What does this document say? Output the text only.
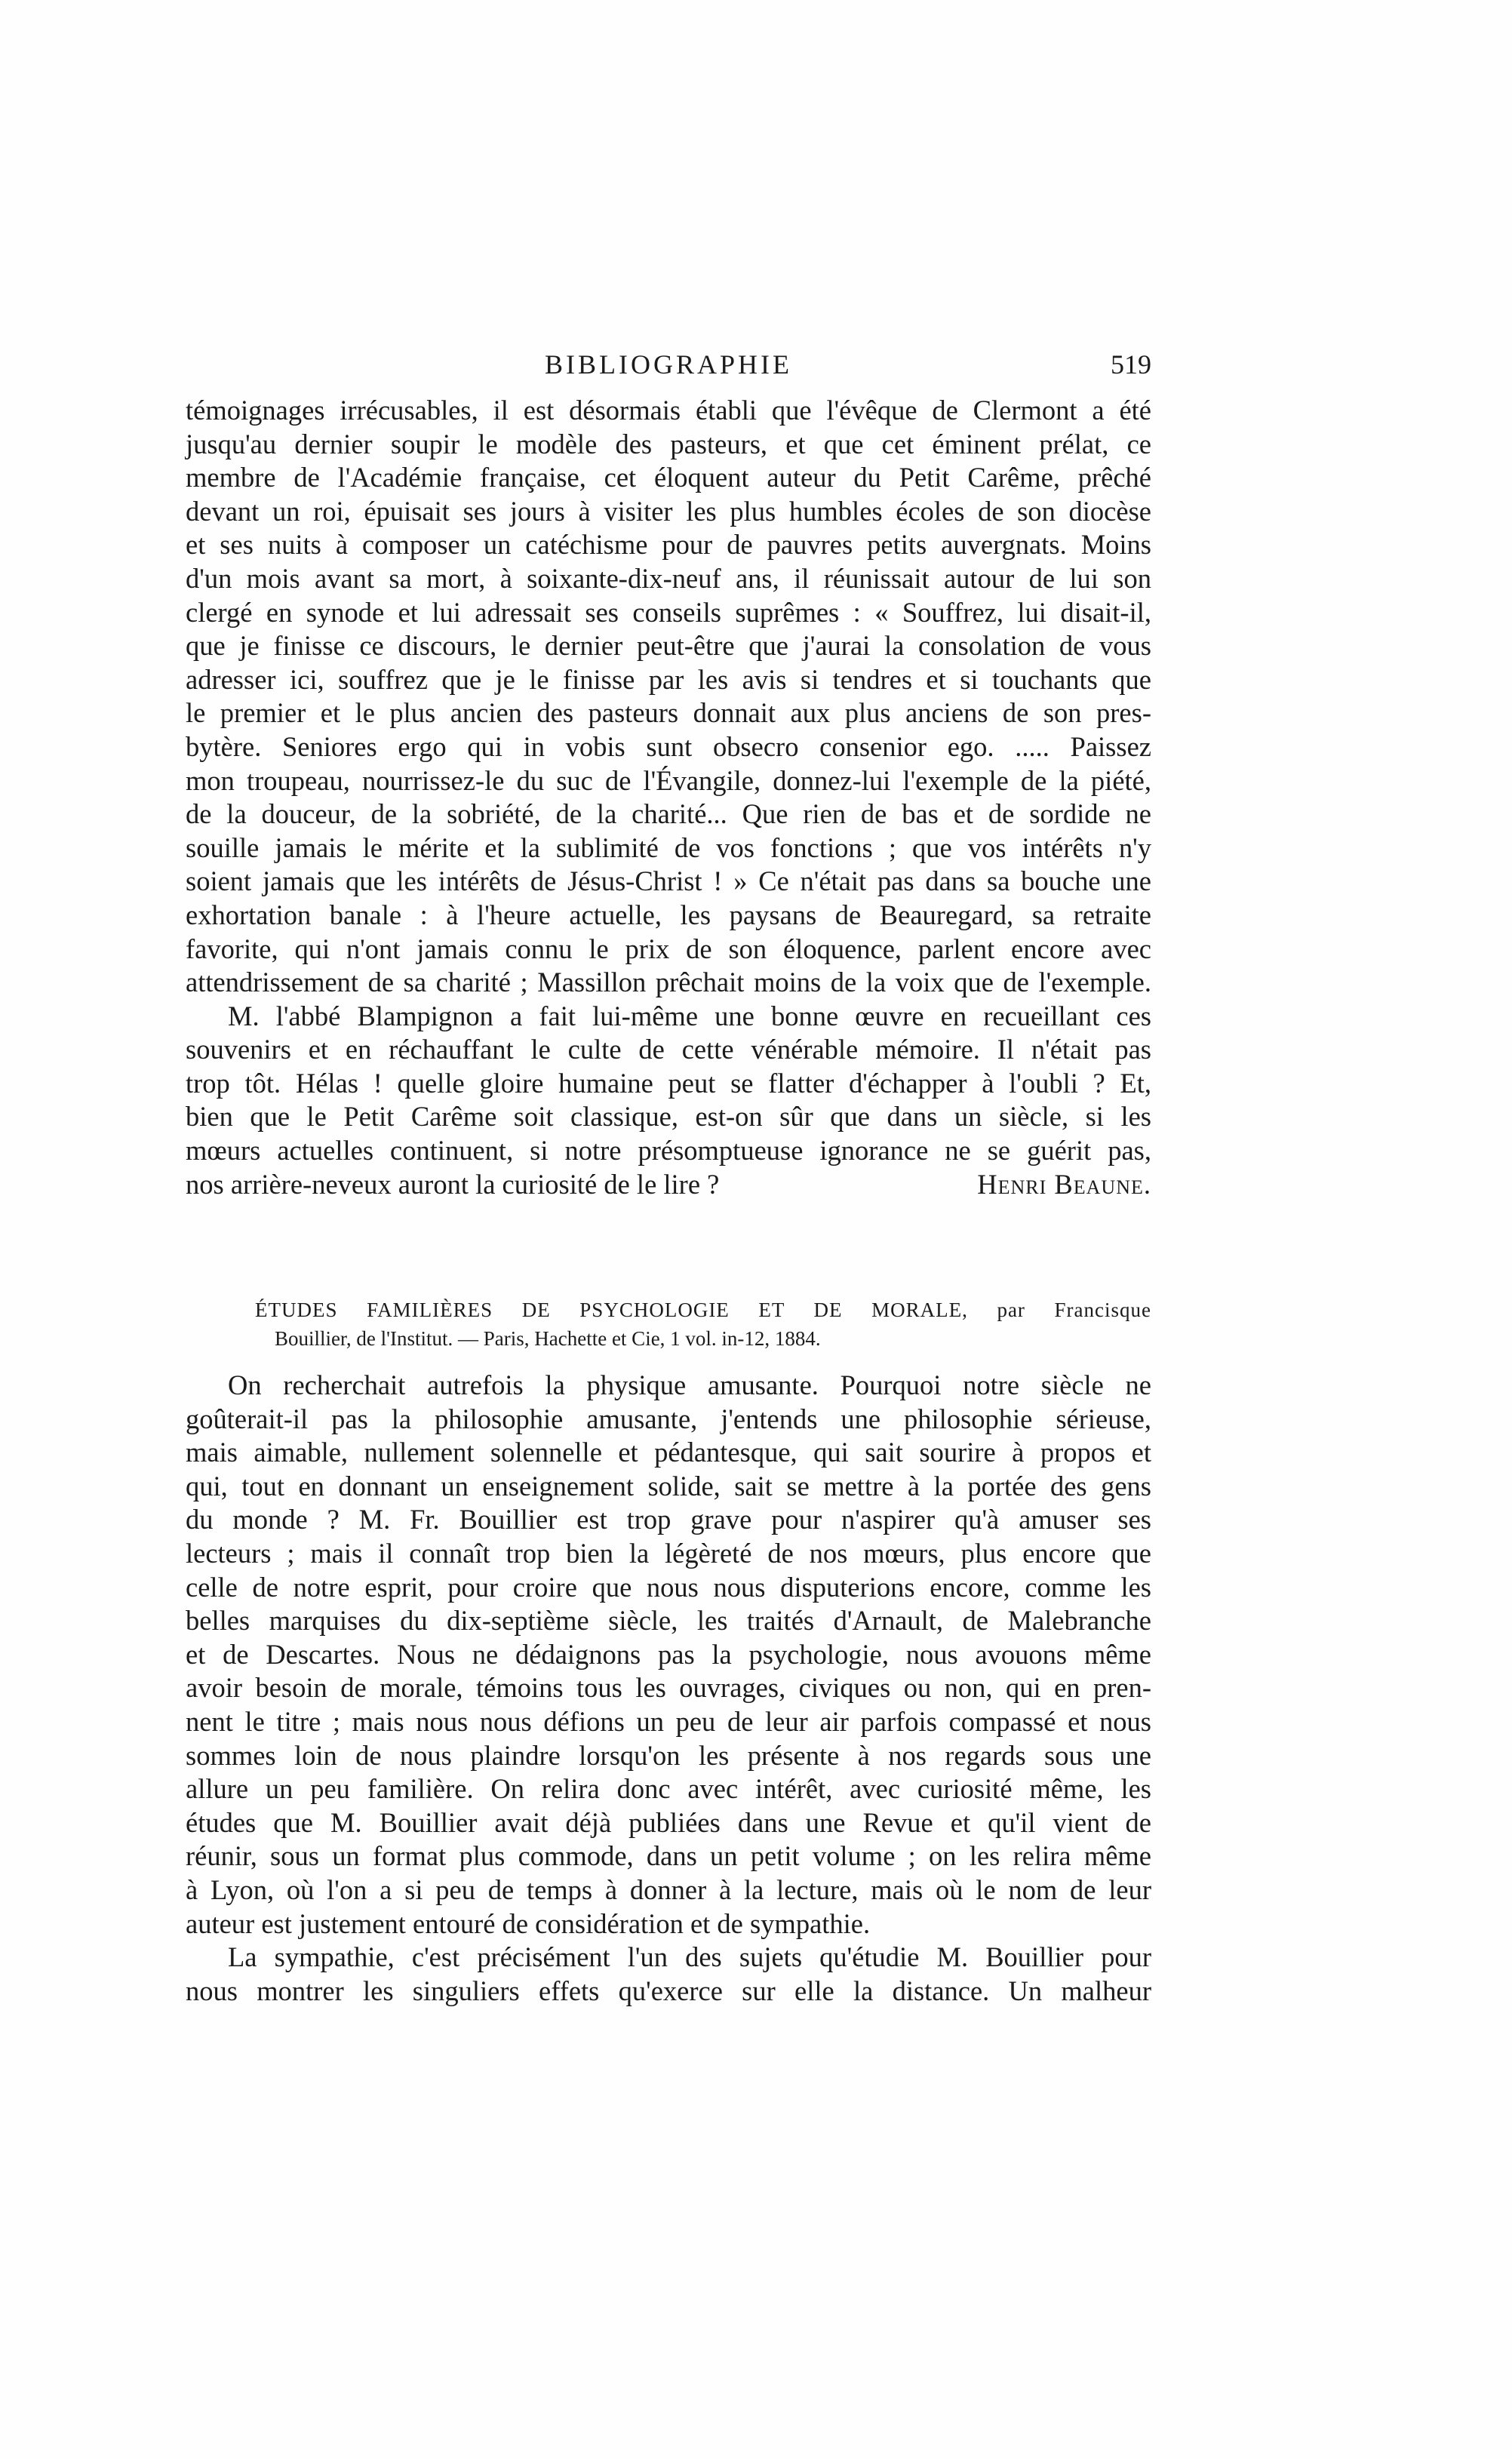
BIBLIOGRAPHIE	519

témoignages irrécusables, il est désormais établi que l'évêque de Clermont a été
jusqu'au dernier soupir le modèle des pasteurs, et que cet éminent prélat, ce
membre de l'Académie française, cet éloquent auteur du Petit Carême, prêché
devant un roi, épuisait ses jours à visiter les plus humbles écoles de son diocèse
et ses nuits à composer un catéchisme pour de pauvres petits auvergnats. Moins
d'un mois avant sa mort, à soixante-dix-neuf ans, il réunissait autour de lui son
clergé en synode et lui adressait ses conseils suprêmes : « Souffrez, lui disait-il,
que je finisse ce discours, le dernier peut-être que j'aurai la consolation de vous
adresser ici, souffrez que je le finisse par les avis si tendres et si touchants que
le premier et le plus ancien des pasteurs donnait aux plus anciens de son pres-
bytère. Seniores ergo qui in vobis sunt obsecro consenior ego. ..... Paissez
mon troupeau, nourrissez-le du suc de l'Évangile, donnez-lui l'exemple de la piété,
de la douceur, de la sobriété, de la charité... Que rien de bas et de sordide ne
souille jamais le mérite et la sublimité de vos fonctions ; que vos intérêts n'y
soient jamais que les intérêts de Jésus-Christ ! » Ce n'était pas dans sa bouche une
exhortation banale : à l'heure actuelle, les paysans de Beauregard, sa retraite
favorite, qui n'ont jamais connu le prix de son éloquence, parlent encore avec
attendrissement de sa charité ; Massillon prêchait moins de la voix que de l'exemple.

M. l'abbé Blampignon a fait lui-même une bonne œuvre en recueillant ces
souvenirs et en réchauffant le culte de cette vénérable mémoire. Il n'était pas
trop tôt. Hélas ! quelle gloire humaine peut se flatter d'échapper à l'oubli ? Et,
bien que le Petit Carême soit classique, est-on sûr que dans un siècle, si les
mœurs actuelles continuent, si notre présomptueuse ignorance ne se guérit pas,
nos arrière-neveux auront la curiosité de le lire ?	Henri Beaune.

ÉTUDES FAMILIÈRES DE PSYCHOLOGIE ET DE MORALE, par Francisque
Bouillier, de l'Institut. — Paris, Hachette et Cie, 1 vol. in-12, 1884.

On recherchait autrefois la physique amusante. Pourquoi notre siècle ne
goûterait-il pas la philosophie amusante, j'entends une philosophie sérieuse,
mais aimable, nullement solennelle et pédantesque, qui sait sourire à propos et
qui, tout en donnant un enseignement solide, sait se mettre à la portée des gens
du monde ? M. Fr. Bouillier est trop grave pour n'aspirer qu'à amuser ses
lecteurs ; mais il connaît trop bien la légèreté de nos mœurs, plus encore que
celle de notre esprit, pour croire que nous nous disputerions encore, comme les
belles marquises du dix-septième siècle, les traités d'Arnault, de Malebranche
et de Descartes. Nous ne dédaignons pas la psychologie, nous avouons même
avoir besoin de morale, témoins tous les ouvrages, civiques ou non, qui en pren-
nent le titre ; mais nous nous défions un peu de leur air parfois compassé et nous
sommes loin de nous plaindre lorsqu'on les présente à nos regards sous une
allure un peu familière. On relira donc avec intérêt, avec curiosité même, les
études que M. Bouillier avait déjà publiées dans une Revue et qu'il vient de
réunir, sous un format plus commode, dans un petit volume ; on les relira même
à Lyon, où l'on a si peu de temps à donner à la lecture, mais où le nom de leur
auteur est justement entouré de considération et de sympathie.

La sympathie, c'est précisément l'un des sujets qu'étudie M. Bouillier pour
nous montrer les singuliers effets qu'exerce sur elle la distance. Un malheur
